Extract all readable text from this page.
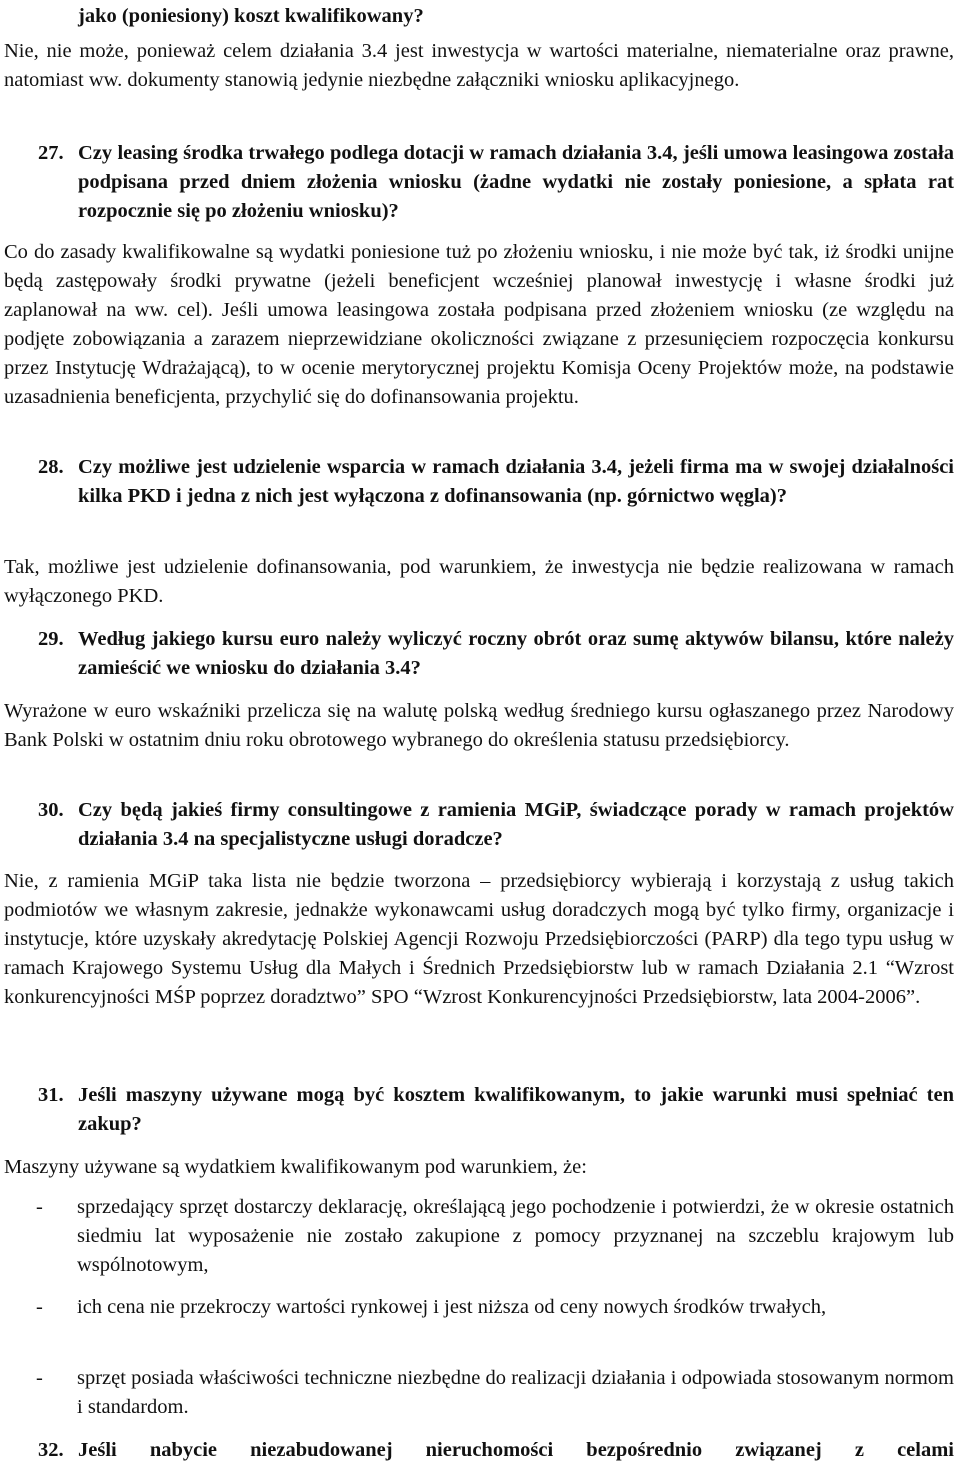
jako (poniesiony) koszt kwalifikowany?
Nie, nie może, ponieważ celem działania 3.4 jest inwestycja w wartości materialne, niematerialne oraz prawne, natomiast ww. dokumenty stanowią jedynie niezbędne załączniki wniosku aplikacyjnego.
27. Czy leasing środka trwałego podlega dotacji w ramach działania 3.4, jeśli umowa leasingowa została podpisana przed dniem złożenia wniosku (żadne wydatki nie zostały poniesione, a spłata rat rozpocznie się po złożeniu wniosku)?
Co do zasady kwalifikowalne są wydatki poniesione tuż po złożeniu wniosku, i nie może być tak, iż środki unijne będą zastępowały środki prywatne (jeżeli beneficjent wcześniej planował inwestycję i własne środki już zaplanował na ww. cel). Jeśli umowa leasingowa została podpisana przed złożeniem wniosku (ze względu na podjęte zobowiązania a zarazem nieprzewidziane okoliczności związane z przesunięciem rozpoczęcia konkursu przez Instytucję Wdrażającą), to w ocenie merytorycznej projektu Komisja Oceny Projektów może, na podstawie uzasadnienia beneficjenta, przychylić się do dofinansowania projektu.
28. Czy możliwe jest udzielenie wsparcia w ramach działania 3.4, jeżeli firma ma w swojej działalności kilka PKD i jedna z nich jest wyłączona z dofinansowania (np. górnictwo węgla)?
Tak, możliwe jest udzielenie dofinansowania, pod warunkiem, że inwestycja nie będzie realizowana w ramach wyłączonego PKD.
29. Według jakiego kursu euro należy wyliczyć roczny obrót oraz sumę aktywów bilansu, które należy zamieścić we wniosku do działania 3.4?
Wyrażone w euro wskaźniki przelicza się na walutę polską według średniego kursu ogłaszanego przez Narodowy Bank Polski w ostatnim dniu roku obrotowego wybranego do określenia statusu przedsiębiorcy.
30. Czy będą jakieś firmy consultingowe z ramienia MGiP, świadczące porady w ramach projektów działania 3.4 na specjalistyczne usługi doradcze?
Nie, z ramienia MGiP taka lista nie będzie tworzona – przedsiębiorcy wybierają i korzystają z usług takich podmiotów we własnym zakresie, jednakże wykonawcami usług doradczych mogą być tylko firmy, organizacje i instytucje, które uzyskały akredytację Polskiej Agencji Rozwoju Przedsiębiorczości (PARP) dla tego typu usług w ramach Krajowego Systemu Usług dla Małych i Średnich Przedsiębiorstw lub w ramach Działania 2.1 “Wzrost konkurencyjności MŚP poprzez doradztwo” SPO “Wzrost Konkurencyjności Przedsiębiorstw, lata 2004-2006”.
31. Jeśli maszyny używane mogą być kosztem kwalifikowanym, to jakie warunki musi spełniać ten zakup?
Maszyny używane są wydatkiem kwalifikowanym pod warunkiem, że:
-	sprzedający sprzęt dostarczy deklarację, określającą jego pochodzenie i potwierdzi, że w okresie ostatnich siedmiu lat wyposażenie nie zostało zakupione z pomocy przyznanej na szczeblu krajowym lub wspólnotowym,
-	ich cena nie przekroczy wartości rynkowej i jest niższa od ceny nowych środków trwałych,
-	sprzęt posiada właściwości techniczne niezbędne do realizacji działania i odpowiada stosowanym normom i standardom.
32. Jeśli nabycie niezabudowanej nieruchomości bezpośrednio związanej z celami
